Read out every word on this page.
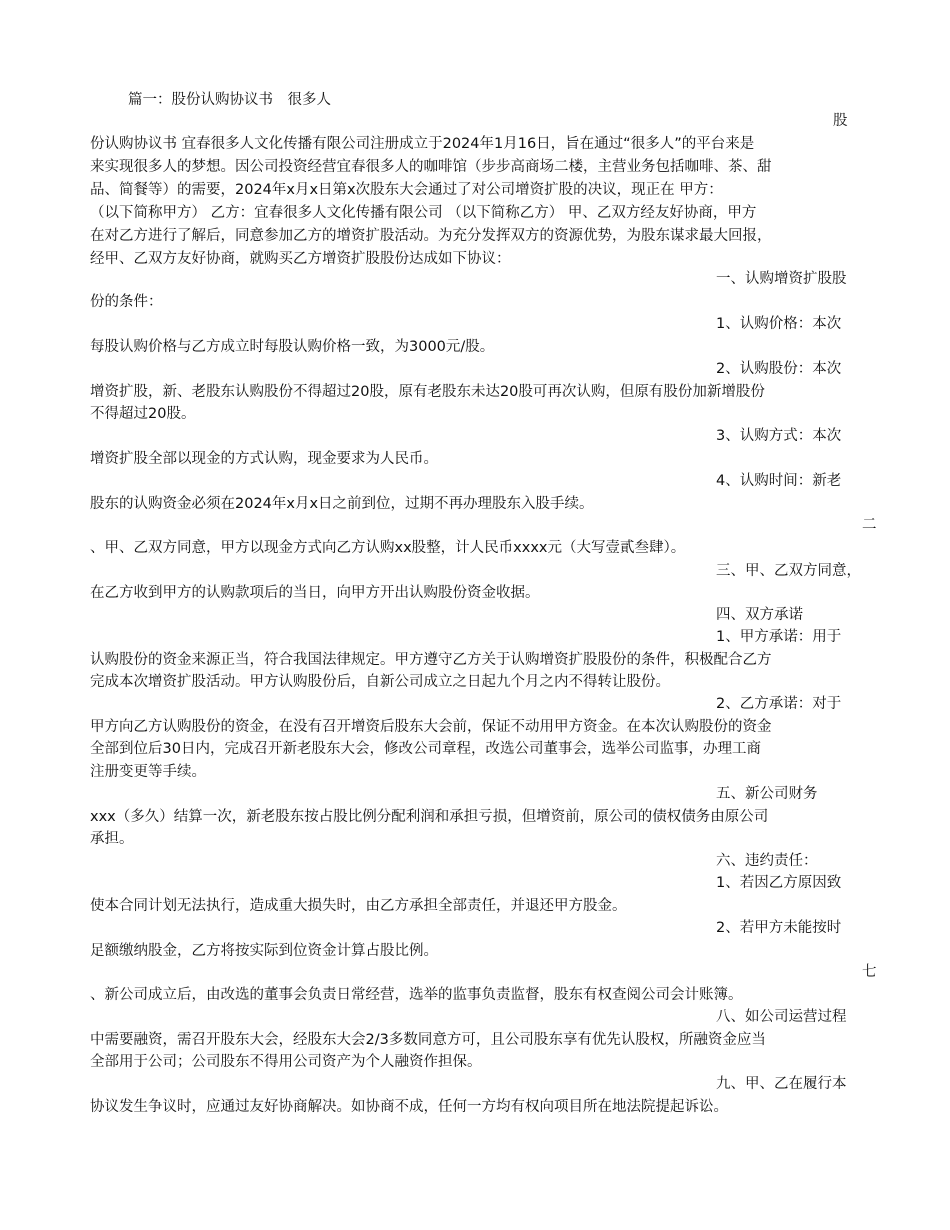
篇一：股份认购协议书　很多人

股

份认购协议书 宜春很多人文化传播有限公司注册成立于2024年1月16日，旨在通过“很多人”的平台来是

来实现很多人的梦想。因公司投资经营宜春很多人的咖啡馆（步步高商场二楼，主营业务包括咖啡、茶、甜

品、简餐等）的需要，2024年x月x日第x次股东大会通过了对公司增资扩股的决议，现正在 甲方：

（以下简称甲方） 乙方：宜春很多人文化传播有限公司 （以下简称乙方） 甲、乙双方经友好协商，甲方

在对乙方进行了解后，同意参加乙方的增资扩股活动。为充分发挥双方的资源优势，为股东谋求最大回报，

经甲、乙双方友好协商，就购买乙方增资扩股股份达成如下协议：

一、认购增资扩股股

份的条件：

1、认购价格：本次

每股认购价格与乙方成立时每股认购价格一致，为3000元/股。

2、认购股份：本次

增资扩股，新、老股东认购股份不得超过20股，原有老股东未达20股可再次认购，但原有股份加新增股份

不得超过20股。

3、认购方式：本次

增资扩股全部以现金的方式认购，现金要求为人民币。

4、认购时间：新老

股东的认购资金必须在2024年x月x日之前到位，过期不再办理股东入股手续。

二

、甲、乙双方同意，甲方以现金方式向乙方认购xx股整，计人民币xxxx元（大写壹貳叁肆）。

三、甲、乙双方同意，

在乙方收到甲方的认购款项后的当日，向甲方开出认购股份资金收据。

四、双方承诺

1、甲方承诺：用于

认购股份的资金来源正当，符合我国法律规定。甲方遵守乙方关于认购增资扩股股份的条件，积极配合乙方

完成本次增资扩股活动。甲方认购股份后，自新公司成立之日起九个月之内不得转让股份。

2、乙方承诺：对于

甲方向乙方认购股份的资金，在没有召开增资后股东大会前，保证不动用甲方资金。在本次认购股份的资金

全部到位后30日内，完成召开新老股东大会，修改公司章程，改选公司董事会，选举公司监事，办理工商

注册变更等手续。

五、新公司财务

xxx（多久）结算一次，新老股东按占股比例分配利润和承担亏损，但增资前，原公司的债权债务由原公司

承担。

六、违约责任：

1、若因乙方原因致

使本合同计划无法执行，造成重大损失时，由乙方承担全部责任，并退还甲方股金。

2、若甲方未能按时

足额缴纳股金，乙方将按实际到位资金计算占股比例。

七

、新公司成立后，由改选的董事会负责日常经营，选举的监事负责监督，股东有权查阅公司会计账簿。

八、如公司运营过程

中需要融资，需召开股东大会，经股东大会2/3多数同意方可，且公司股东享有优先认股权，所融资金应当

全部用于公司；公司股东不得用公司资产为个人融资作担保。

九、甲、乙在履行本

协议发生争议时，应通过友好协商解决。如协商不成，任何一方均有权向项目所在地法院提起诉讼。
